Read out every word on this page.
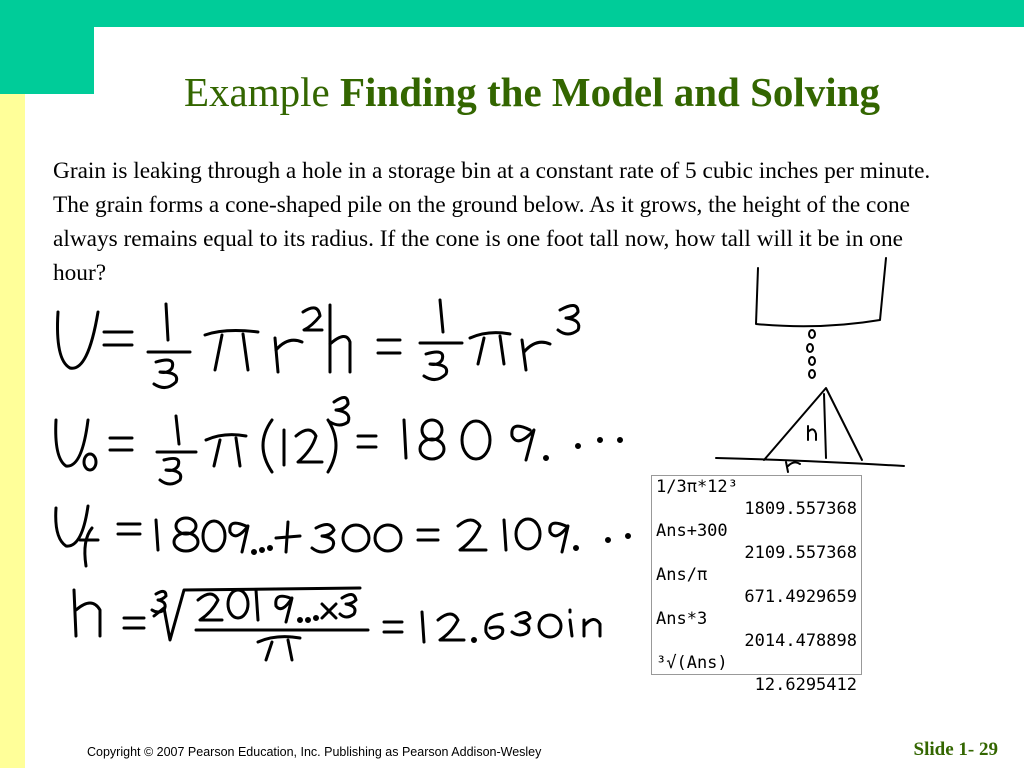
Example Finding the Model and Solving
Grain is leaking through a hole in a storage bin at a constant rate of 5 cubic inches per minute. The grain forms a cone-shaped pile on the ground below. As it grows, the height of the cone always remains equal to its radius. If the cone is one foot tall now, how tall will it be in one hour?
1/3π*12³
1809.557368
Ans+300
2109.557368
Ans/π
671.4929659
Ans*3
2014.478898
³√(Ans)
12.6295412
Copyright © 2007 Pearson Education, Inc. Publishing as Pearson Addison-Wesley	Slide 1- 29
